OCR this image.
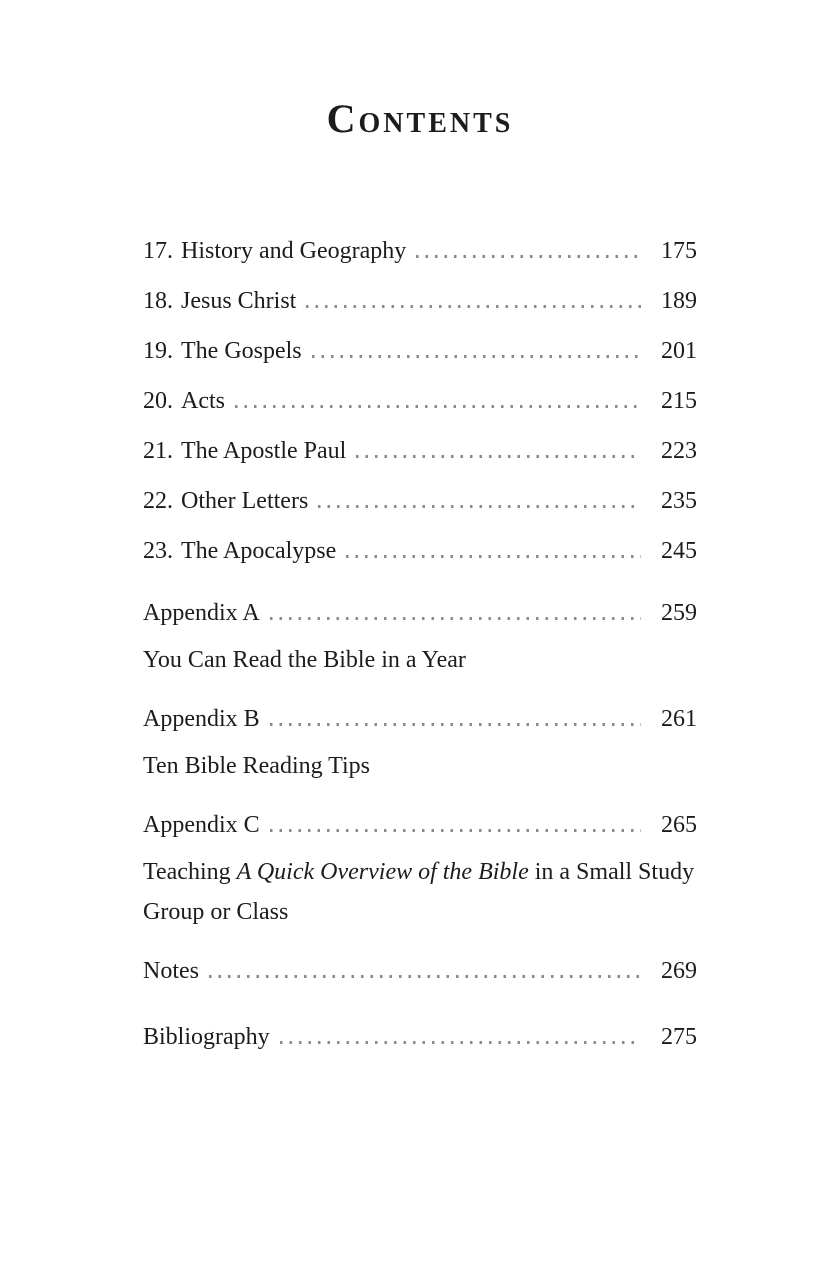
Contents
17. History and Geography	175
18. Jesus Christ	189
19. The Gospels	201
20. Acts	215
21. The Apostle Paul	223
22. Other Letters	235
23. The Apocalypse	245
Appendix A	259
You Can Read the Bible in a Year
Appendix B	261
Ten Bible Reading Tips
Appendix C	265
Teaching A Quick Overview of the Bible in a Small Study Group or Class
Notes	269
Bibliography	275
